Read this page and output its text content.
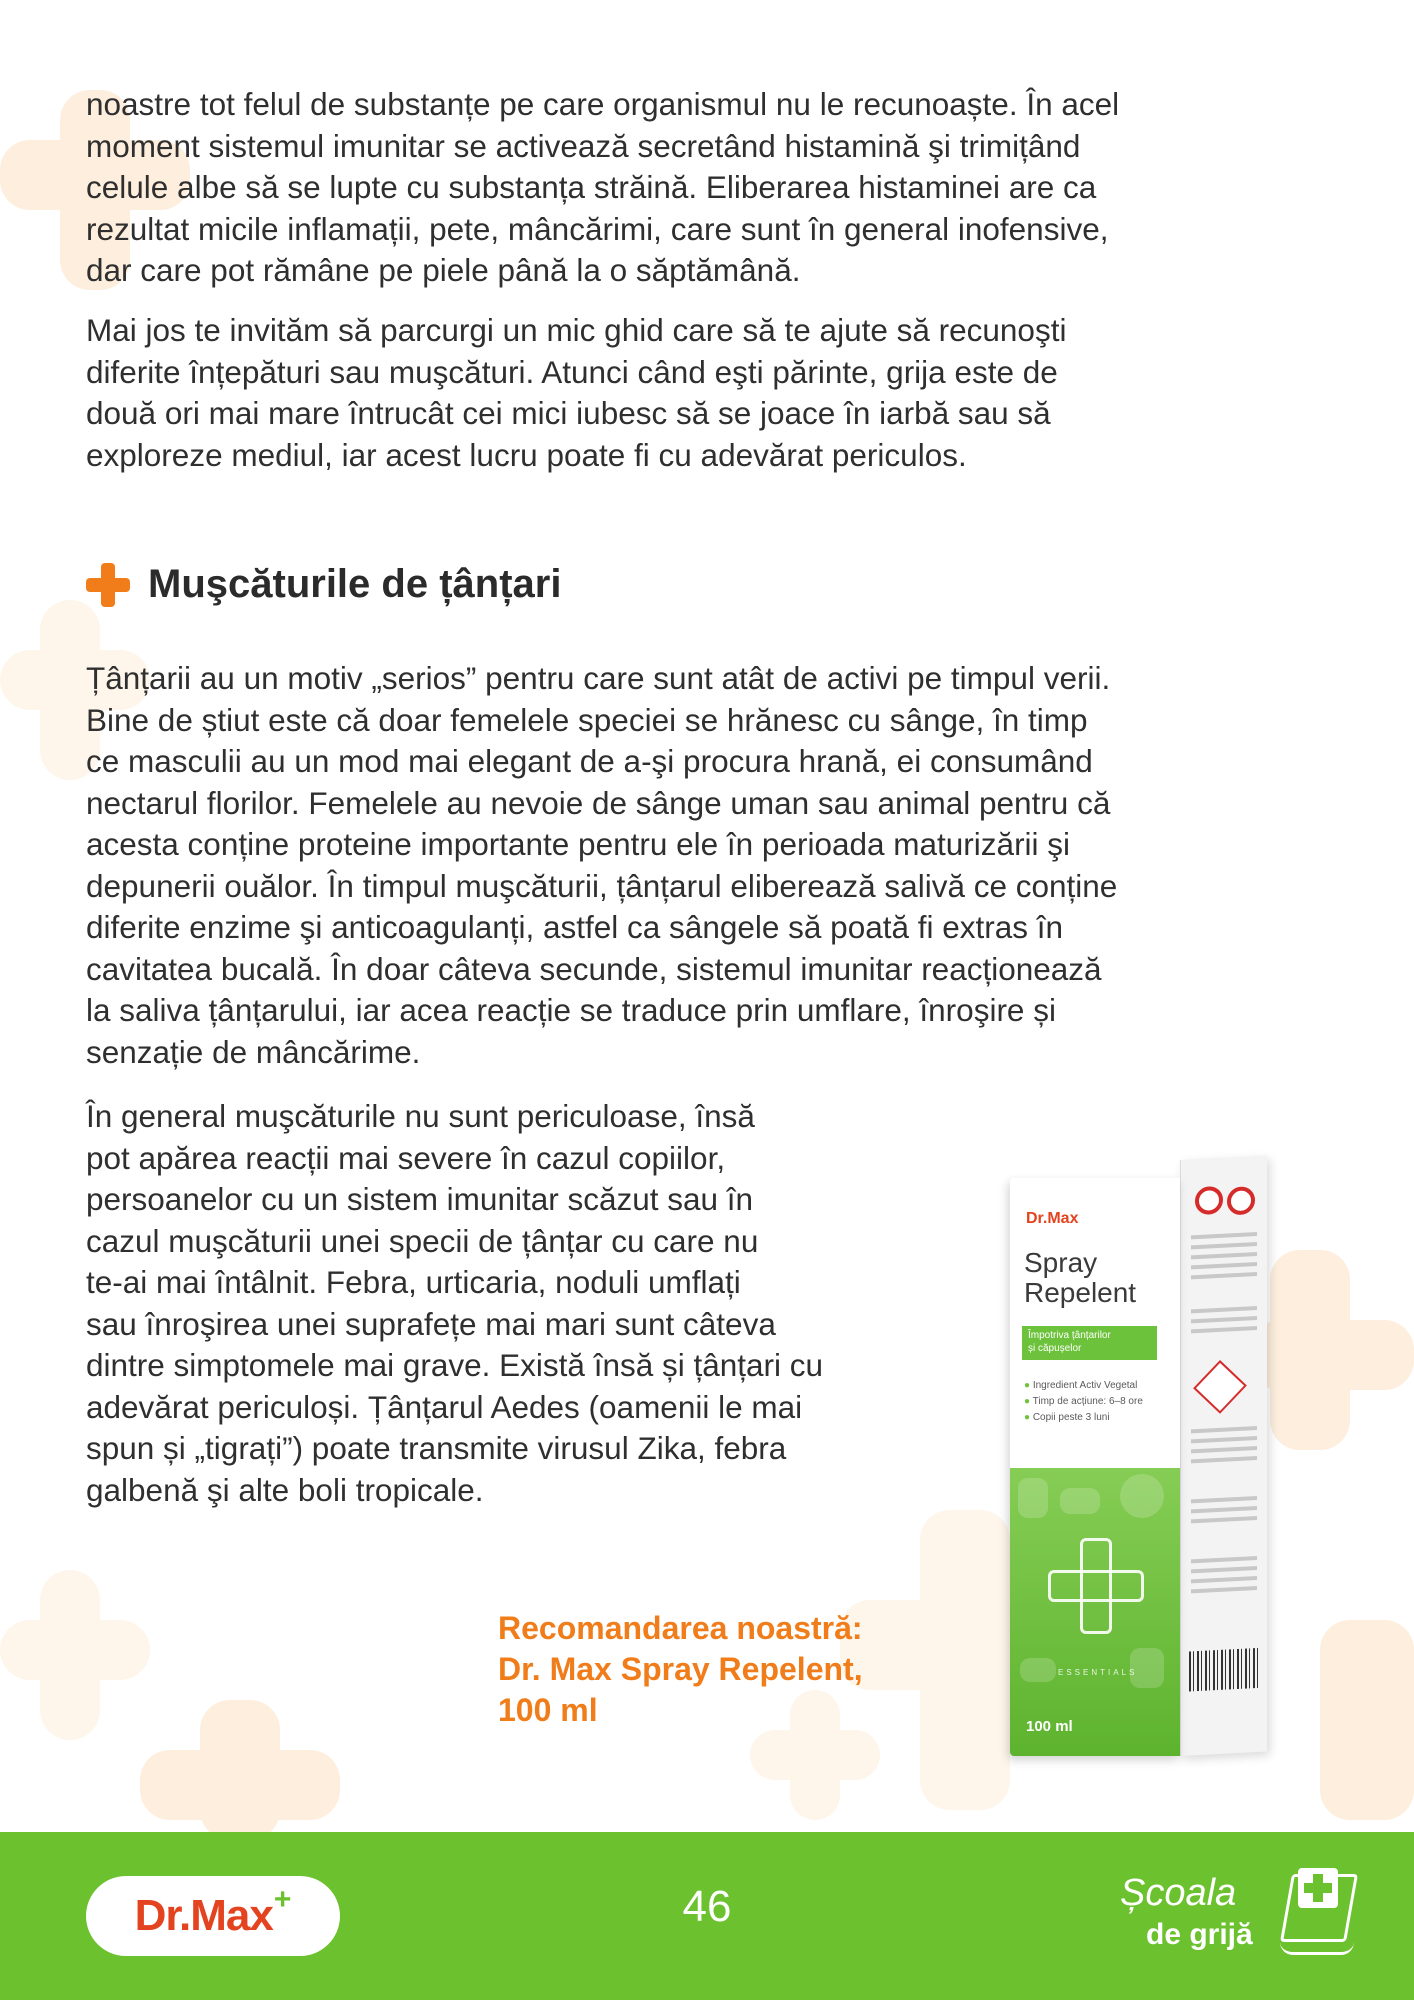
noastre tot felul de substanțe pe care organismul nu le recunoaște. În acel
moment sistemul imunitar se activează secretând histamină şi trimițând
celule albe să se lupte cu substanța străină. Eliberarea histaminei are ca
rezultat micile inflamații, pete, mâncărimi, care sunt în general inofensive,
dar care pot rămâne pe piele până la o săptămână.

Mai jos te invităm să parcurgi un mic ghid care să te ajute să recunoşti
diferite înțepături sau muşcături. Atunci când eşti părinte, grija este de
două ori mai mare întrucât cei mici iubesc să se joace în iarbă sau să
exploreze mediul, iar acest lucru poate fi cu adevărat periculos.

Muşcăturile de țânțari

Țânțarii au un motiv „serios” pentru care sunt atât de activi pe timpul verii.
Bine de știut este că doar femelele speciei se hrănesc cu sânge, în timp
ce masculii au un mod mai elegant de a-şi procura hrană, ei consumând
nectarul florilor. Femelele au nevoie de sânge uman sau animal pentru că
acesta conține proteine importante pentru ele în perioada maturizării şi
depunerii ouălor. În timpul muşcăturii, țânțarul eliberează salivă ce conține
diferite enzime şi anticoagulanți, astfel ca sângele să poată fi extras în
cavitatea bucală. În doar câteva secunde, sistemul imunitar reacționează
la saliva țânțarului, iar acea reacție se traduce prin umflare, înroşire și
senzație de mâncărime.

În general muşcăturile nu sunt periculoase, însă
pot apărea reacții mai severe în cazul copiilor,
persoanelor cu un sistem imunitar scăzut sau în
cazul muşcăturii unei specii de țânțar cu care nu
te-ai mai întâlnit. Febra, urticaria, noduli umflați
sau înroşirea unei suprafețe mai mari sunt câteva
dintre simptomele mai grave. Există însă și țânțari cu
adevărat periculoși. Țânțarul Aedes (oamenii le mai
spun și „tigrați”) poate transmite virusul Zika, febra
galbenă şi alte boli tropicale.

Recomandarea noastră:
Dr. Max Spray Repelent,
100 ml

Dr.Max
Spray
Repelent
Împotriva țânțarilor
și căpușelor
● Ingredient Activ Vegetal
● Timp de acțiune: 6–8 ore
● Copii peste 3 luni
ESSENTIALS
100 ml
Dr.Max +	46	Școala
de grijă
